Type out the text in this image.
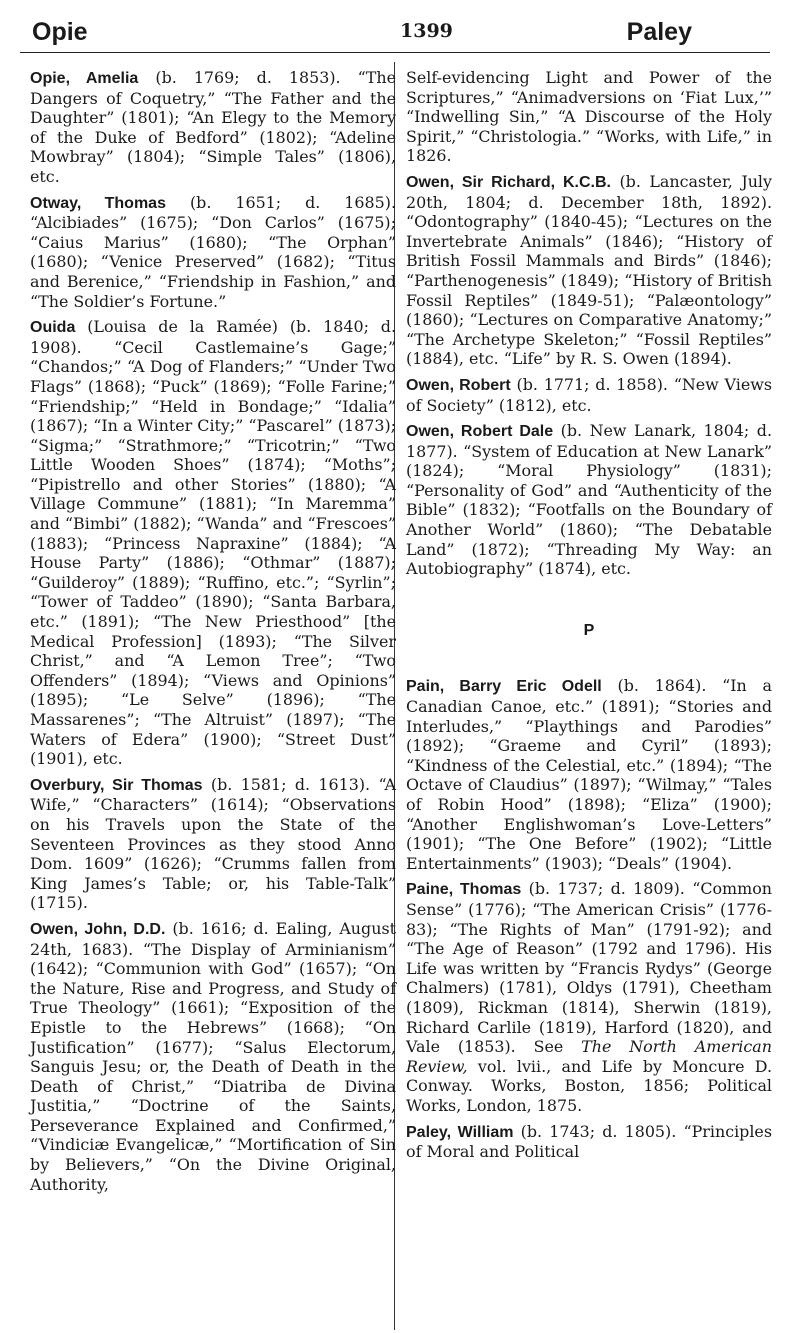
Opie	1399	Paley

Opie, Amelia (b. 1769; d. 1853). “The Dangers of Coquetry,” “The Father and the Daughter” (1801); “An Elegy to the Memory of the Duke of Bedford” (1802); “Adeline Mowbray” (1804); “Simple Tales” (1806), etc.

Otway, Thomas (b. 1651; d. 1685). “Alcibiades” (1675); “Don Carlos” (1675); “Caius Marius” (1680); “The Orphan” (1680); “Venice Preserved” (1682); “Titus and Berenice,” “Friendship in Fashion,” and “The Soldier’s Fortune.”

Ouida (Louisa de la Ramée) (b. 1840; d. 1908). “Cecil Castlemaine’s Gage;” “Chandos;” “A Dog of Flanders;” “Under Two Flags” (1868); “Puck” (1869); “Folle Farine;” “Friendship;” “Held in Bondage;” “Idalia” (1867); “In a Winter City;” “Pascarel” (1873); “Sigma;” “Strathmore;” “Tricotrin;” “Two Little Wooden Shoes” (1874); “Moths”; “Pipistrello and other Stories” (1880); “A Village Commune” (1881); “In Maremma” and “Bimbi” (1882); “Wanda” and “Frescoes” (1883); “Princess Napraxine” (1884); “A House Party” (1886); “Othmar” (1887); “Guilderoy” (1889); “Ruffino, etc.”; “Syrlin”; “Tower of Taddeo” (1890); “Santa Barbara, etc.” (1891); “The New Priesthood” [the Medical Profession] (1893); “The Silver Christ,” and “A Lemon Tree”; “Two Offenders” (1894); “Views and Opinions” (1895); “Le Selve” (1896); “The Massarenes”; “The Altruist” (1897); “The Waters of Edera” (1900); “Street Dust” (1901), etc.

Overbury, Sir Thomas (b. 1581; d. 1613). “A Wife,” “Characters” (1614); “Observations on his Travels upon the State of the Seventeen Provinces as they stood Anno Dom. 1609” (1626); “Crumms fallen from King James’s Table; or, his Table-Talk” (1715).

Owen, John, D.D. (b. 1616; d. Ealing, August 24th, 1683). “The Display of Arminianism” (1642); “Communion with God” (1657); “On the Nature, Rise and Progress, and Study of True Theology” (1661); “Exposition of the Epistle to the Hebrews” (1668); “On Justification” (1677); “Salus Electorum, Sanguis Jesu; or, the Death of Death in the Death of Christ,” “Diatriba de Divina Justitia,” “Doctrine of the Saints, Perseverance Explained and Confirmed,” “Vindiciæ Evangelicæ,” “Mortification of Sin by Believers,” “On the Divine Original, Authority,

Self-evidencing Light and Power of the Scriptures,” “Animadversions on ‘Fiat Lux,’” “Indwelling Sin,” “A Discourse of the Holy Spirit,” “Christologia.” “Works, with Life,” in 1826.

Owen, Sir Richard, K.C.B. (b. Lancaster, July 20th, 1804; d. December 18th, 1892). “Odontography” (1840-45); “Lectures on the Invertebrate Animals” (1846); “History of British Fossil Mammals and Birds” (1846); “Parthenogenesis” (1849); “History of British Fossil Reptiles” (1849-51); “Palæontology” (1860); “Lectures on Comparative Anatomy;” “The Archetype Skeleton;” “Fossil Reptiles” (1884), etc. “Life” by R. S. Owen (1894).

Owen, Robert (b. 1771; d. 1858). “New Views of Society” (1812), etc.

Owen, Robert Dale (b. New Lanark, 1804; d. 1877). “System of Education at New Lanark” (1824); “Moral Physiology” (1831); “Personality of God” and “Authenticity of the Bible” (1832); “Footfalls on the Boundary of Another World” (1860); “The Debatable Land” (1872); “Threading My Way: an Autobiography” (1874), etc.

P

Pain, Barry Eric Odell (b. 1864). “In a Canadian Canoe, etc.” (1891); “Stories and Interludes,” “Playthings and Parodies” (1892); “Graeme and Cyril” (1893); “Kindness of the Celestial, etc.” (1894); “The Octave of Claudius” (1897); “Wilmay,” “Tales of Robin Hood” (1898); “Eliza” (1900); “Another Englishwoman’s Love-Letters” (1901); “The One Before” (1902); “Little Entertainments” (1903); “Deals” (1904).

Paine, Thomas (b. 1737; d. 1809). “Common Sense” (1776); “The American Crisis” (1776-83); “The Rights of Man” (1791-92); and “The Age of Reason” (1792 and 1796). His Life was written by “Francis Rydys” (George Chalmers) (1781), Oldys (1791), Cheetham (1809), Rickman (1814), Sherwin (1819), Richard Carlile (1819), Harford (1820), and Vale (1853). See The North American Review, vol. lvii., and Life by Moncure D. Conway. Works, Boston, 1856; Political Works, London, 1875.

Paley, William (b. 1743; d. 1805). “Principles of Moral and Political
